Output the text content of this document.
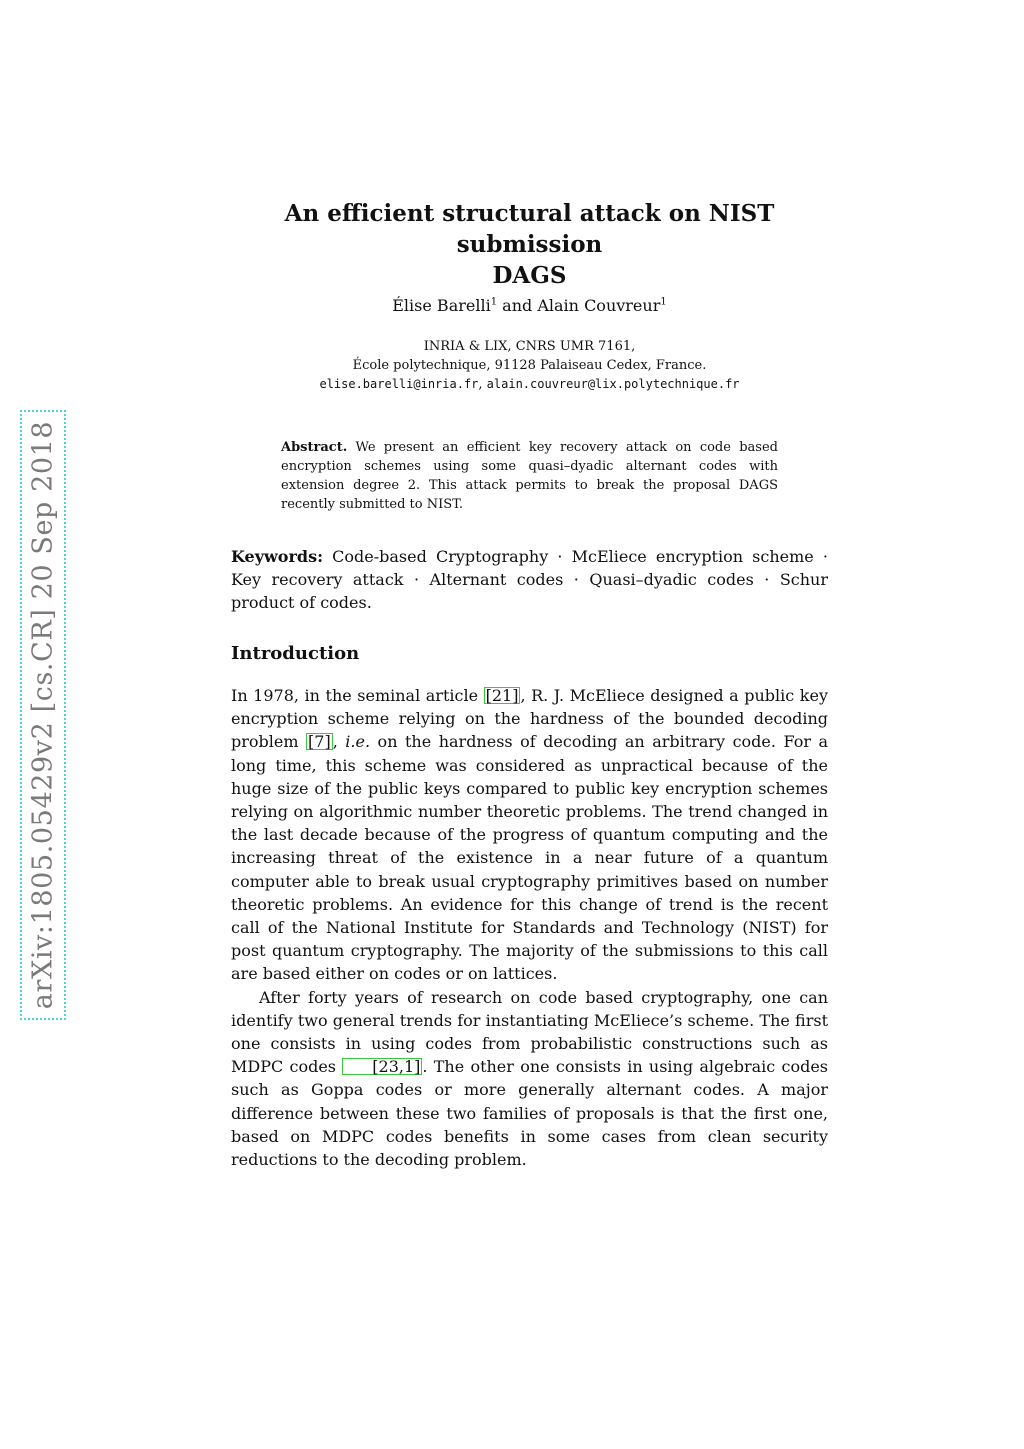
arXiv:1805.05429v2 [cs.CR] 20 Sep 2018
An efficient structural attack on NIST submission
DAGS
Élise Barelli$^1$ and Alain Couvreur$^1$
INRIA & LIX, CNRS UMR 7161,
École polytechnique, 91128 Palaiseau Cedex, France.
elise.barelli@inria.fr, alain.couvreur@lix.polytechnique.fr
Abstract. We present an efficient key recovery attack on code based encryption schemes using some quasi–dyadic alternant codes with extension degree 2. This attack permits to break the proposal DAGS recently submitted to NIST.
Keywords: Code-based Cryptography · McEliece encryption scheme · Key recovery attack · Alternant codes · Quasi–dyadic codes · Schur product of codes.
Introduction

In 1978, in the seminal article [21] , R. J. McEliece designed a public key encryption scheme relying on the hardness of the bounded decoding problem [7] , i.e. on the hardness of decoding an arbitrary code. For a long time, this scheme was considered as unpractical because of the huge size of the public keys compared to public key encryption schemes relying on algorithmic number theoretic problems. The trend changed in the last decade because of the progress of quantum computing and the increasing threat of the existence in a near future of a quantum computer able to break usual cryptography primitives based on number theoretic problems. An evidence for this change of trend is the recent call of the National Institute for Standards and Technology (NIST) for post quantum cryptography. The majority of the submissions to this call are based either on codes or on lattices.

After forty years of research on code based cryptography, one can identify two general trends for instantiating McEliece’s scheme. The first one consists in using codes from probabilistic constructions such as MDPC codes [23,1] . The other one consists in using algebraic codes such as Goppa codes or more generally alternant codes. A major difference between these two families of proposals is that the first one, based on MDPC codes benefits in some cases from clean security reductions to the decoding problem.
